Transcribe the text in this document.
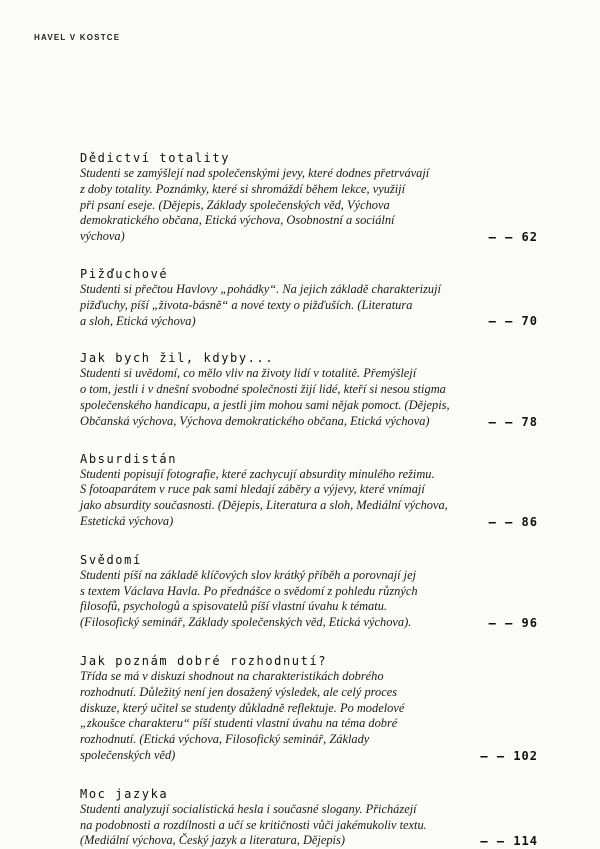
HAVEL V KOSTCE
Dědictví totality
Studenti se zamýšlejí nad společenskými jevy, které dodnes přetrvávají
z doby totality. Poznámky, které si shromáždí během lekce, využijí
při psaní eseje. (Dějepis, Základy společenských věd, Výchova
demokratického občana, Etická výchova, Osobnostní a sociální
výchova)	– – 62
Pižďuchové
Studenti si přečtou Havlovy „pohádky“. Na jejich základě charakterizují
pižďuchy, píší „života-básně“ a nové texty o pižďuších. (Literatura
a sloh, Etická výchova)	– – 70
Jak bych žil, kdyby...
Studenti si uvědomí, co mělo vliv na životy lidí v totalitě. Přemýšlejí
o tom, jestli i v dnešní svobodné společnosti žijí lidé, kteří si nesou stigma
společenského handicapu, a jestli jim mohou sami nějak pomoct. (Dějepis,
Občanská výchova, Výchova demokratického občana, Etická výchova)	– – 78
Absurdistán
Studenti popisují fotografie, které zachycují absurdity minulého režimu.
S fotoaparátem v ruce pak sami hledají záběry a výjevy, které vnímají
jako absurdity současnosti. (Dějepis, Literatura a sloh, Mediální výchova,
Estetická výchova)	– – 86
Svědomí
Studenti píší na základě klíčových slov krátký příběh a porovnají jej
s textem Václava Havla. Po přednášce o svědomí z pohledu různých
filosofů, psychologů a spisovatelů píší vlastní úvahu k tématu.
(Filosofický seminář, Základy společenských věd, Etická výchova).	– – 96
Jak poznám dobré rozhodnutí?
Třída se má v diskuzi shodnout na charakteristikách dobrého
rozhodnutí. Důležitý není jen dosažený výsledek, ale celý proces
diskuze, který učitel se studenty důkladně reflektuje. Po modelové
„zkoušce charakteru“ píší studenti vlastní úvahu na téma dobré
rozhodnutí. (Etická výchova, Filosofický seminář, Základy
společenských věd)	– – 102
Moc jazyka
Studenti analyzují socialistická hesla i současné slogany. Přicházejí
na podobnosti a rozdílnosti a učí se kritičnosti vůči jakémukoliv textu.
(Mediální výchova, Český jazyk a literatura, Dějepis)	– – 114
